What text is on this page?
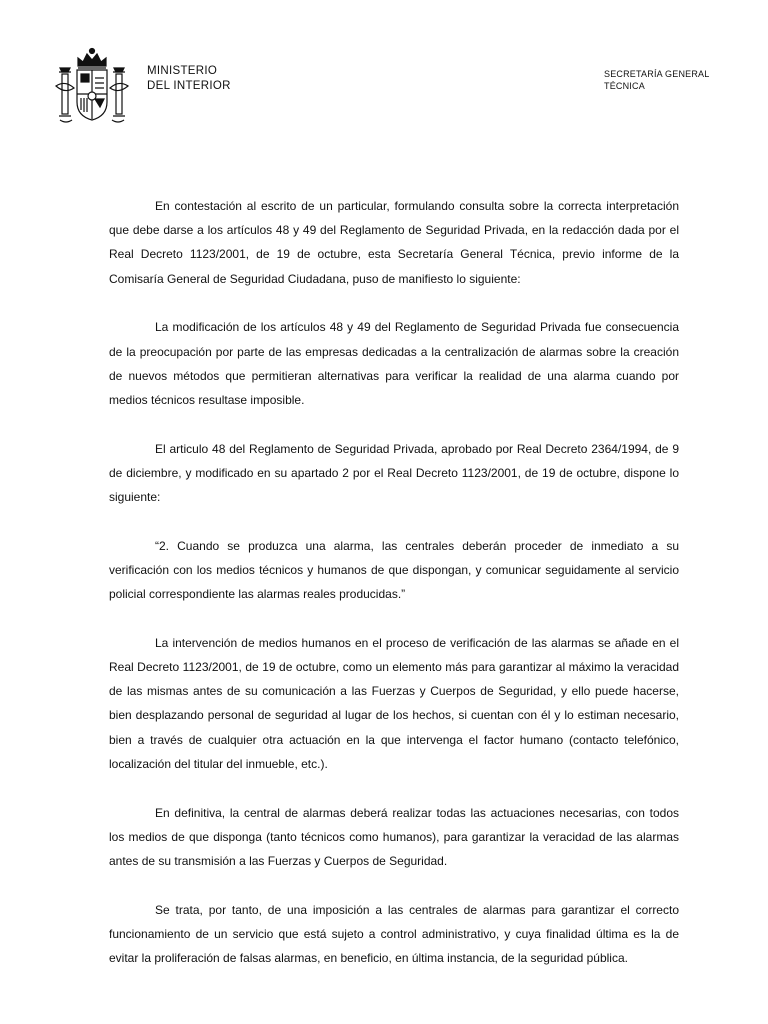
MINISTERIO
DEL INTERIOR
SECRETARÍA GENERAL
TÉCNICA

En contestación al escrito de un particular, formulando consulta sobre la correcta interpretación que debe darse a los artículos 48 y 49 del Reglamento de Seguridad Privada, en la redacción dada por el Real Decreto 1123/2001, de 19 de octubre, esta Secretaría General Técnica, previo informe de la Comisaría General de Seguridad Ciudadana, puso de manifiesto lo siguiente:

La modificación de los artículos 48 y 49 del Reglamento de Seguridad Privada fue consecuencia de la preocupación por parte de las empresas dedicadas a la centralización de alarmas sobre la creación de nuevos métodos que permitieran alternativas para verificar la realidad de una alarma cuando por medios técnicos resultase imposible.

El articulo 48 del Reglamento de Seguridad Privada, aprobado por Real Decreto 2364/1994, de 9 de diciembre, y modificado en su apartado 2 por el Real Decreto 1123/2001, de 19 de octubre, dispone lo siguiente:

“2. Cuando se produzca una alarma, las centrales deberán proceder de inmediato a su verificación con los medios técnicos y humanos de que dispongan, y comunicar seguidamente al servicio policial correspondiente las alarmas reales producidas.”

La intervención de medios humanos en el proceso de verificación de las alarmas se añade en el Real Decreto 1123/2001, de 19 de octubre, como un elemento más para garantizar al máximo la veracidad de las mismas antes de su comunicación a las Fuerzas y Cuerpos de Seguridad, y ello puede hacerse, bien desplazando personal de seguridad al lugar de los hechos, si cuentan con él y lo estiman necesario, bien a través de cualquier otra actuación en la que intervenga el factor humano (contacto telefónico, localización del titular del inmueble, etc.).

En definitiva, la central de alarmas deberá realizar todas las actuaciones necesarias, con todos los medios de que disponga (tanto técnicos como humanos), para garantizar la veracidad de las alarmas antes de su transmisión a las Fuerzas y Cuerpos de Seguridad.

Se trata, por tanto, de una imposición a las centrales de alarmas para garantizar el correcto funcionamiento de un servicio que está sujeto a control administrativo, y cuya finalidad última es la de evitar la proliferación de falsas alarmas, en beneficio, en última instancia, de la seguridad pública.
